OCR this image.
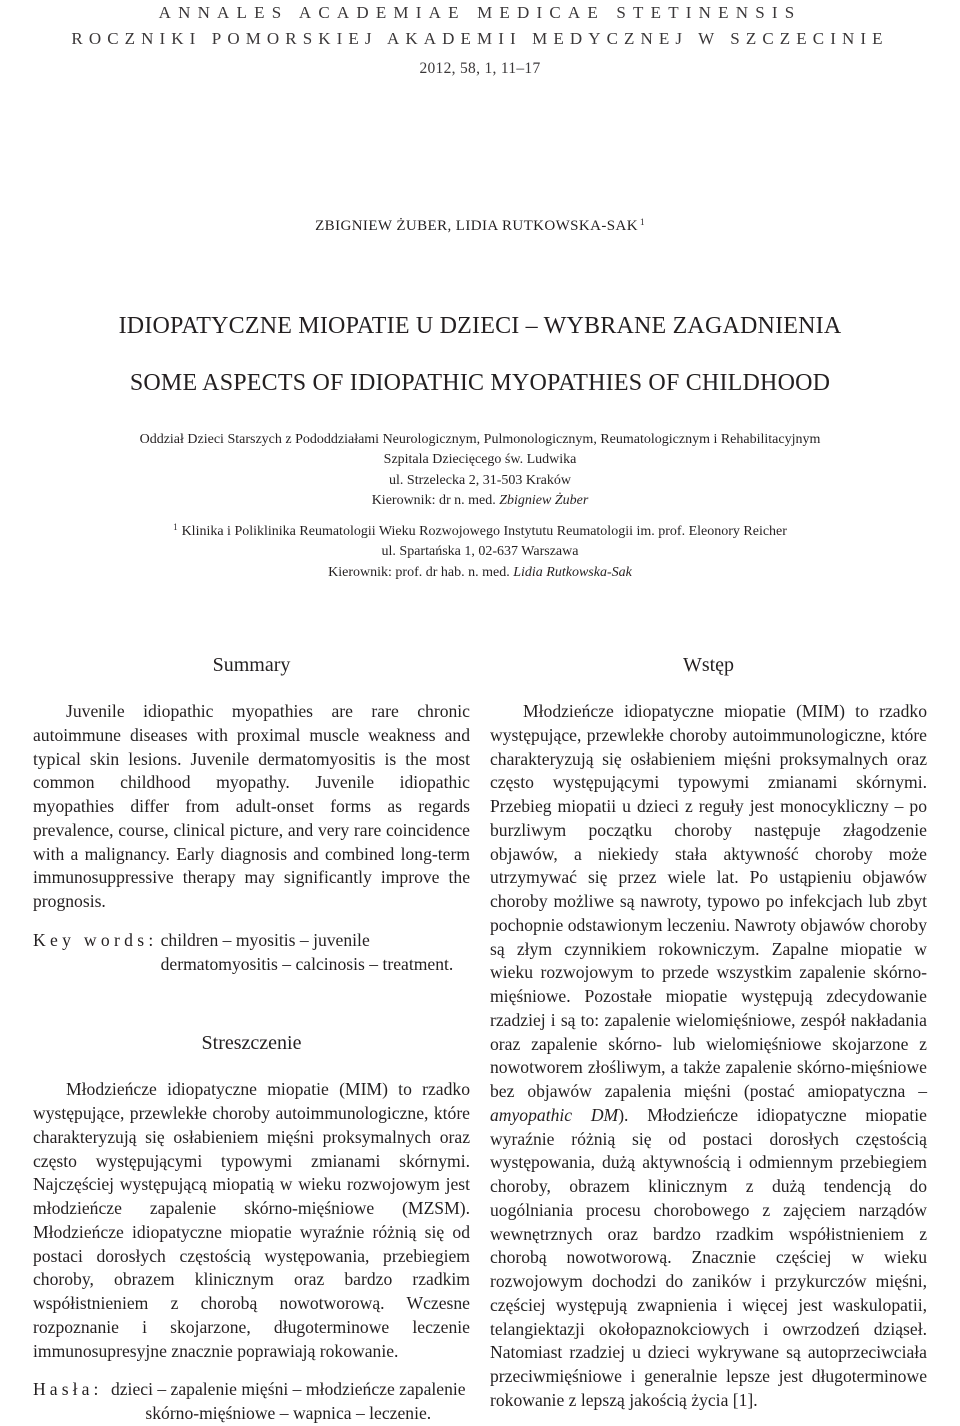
ANNALES ACADEMIAE MEDICAE STETINENSIS
ROCZNIKI POMORSKIEJ AKADEMII MEDYCZNEJ W SZCZECINIE
2012, 58, 1, 11–17
ZBIGNIEW ŻUBER, LIDIA RUTKOWSKA-SAK $^1$
IDIOPATYCZNE MIOPATIE U DZIECI – WYBRANE ZAGADNIENIA
SOME ASPECTS OF IDIOPATHIC MYOPATHIES OF CHILDHOOD
Oddział Dzieci Starszych z Pododdziałami Neurologicznym, Pulmonologicznym, Reumatologicznym i Rehabilitacyjnym
Szpitala Dziecięcego św. Ludwika
ul. Strzelecka 2, 31-503 Kraków
Kierownik: dr n. med. Zbigniew Żuber
$^1$ Klinika i Poliklinika Reumatologii Wieku Rozwojowego Instytutu Reumatologii im. prof. Eleonory Reicher
ul. Spartańska 1, 02-637 Warszawa
Kierownik: prof. dr hab. n. med. Lidia Rutkowska-Sak
Summary

Juvenile idiopathic myopathies are rare chronic autoimmune diseases with proximal muscle weakness and typical skin lesions. Juvenile dermatomyositis is the most common childhood myopathy. Juvenile idiopathic myopathies differ from adult-onset forms as regards prevalence, course, clinical picture, and very rare coincidence with a malignancy. Early diagnosis and combined long-term immunosuppressive therapy may significantly improve the prognosis.

Key words: children – myositis – juvenile dermatomyositis – calcinosis – treatment.
Streszczenie

Młodzieńcze idiopatyczne miopatie (MIM) to rzadko występujące, przewlekłe choroby autoimmunologiczne, które charakteryzują się osłabieniem mięśni proksymalnych oraz często występującymi typowymi zmianami skórnymi. Najczęściej występującą miopatią w wieku rozwojowym jest młodzieńcze zapalenie skórno-mięśniowe (MZSM). Młodzieńcze idiopatyczne miopatie wyraźnie różnią się od postaci dorosłych częstością występowania, przebiegiem choroby, obrazem klinicznym oraz bardzo rzadkim współistnieniem z chorobą nowotworową. Wczesne rozpoznanie i skojarzone, długoterminowe leczenie immunosupresyjne znacznie poprawiają rokowanie.

Hasła: dzieci – zapalenie mięśni – młodzieńcze zapalenie skórno-mięśniowe – wapnica – leczenie.
Wstęp

Młodzieńcze idiopatyczne miopatie (MIM) to rzadko występujące, przewlekłe choroby autoimmunologiczne, które charakteryzują się osłabieniem mięśni proksymalnych oraz często występującymi typowymi zmianami skórnymi. Przebieg miopatii u dzieci z reguły jest monocykliczny – po burzliwym początku choroby następuje złagodzenie objawów, a niekiedy stała aktywność choroby może utrzymywać się przez wiele lat. Po ustąpieniu objawów choroby możliwe są nawroty, typowo po infekcjach lub zbyt pochopnie odstawionym leczeniu. Nawroty objawów choroby są złym czynnikiem rokowniczym. Zapalne miopatie w wieku rozwojowym to przede wszystkim zapalenie skórno-mięśniowe. Pozostałe miopatie występują zdecydowanie rzadziej i są to: zapalenie wielomięśniowe, zespół nakładania oraz zapalenie skórno- lub wielomięśniowe skojarzone z nowotworem złośliwym, a także zapalenie skórno-mięśniowe bez objawów zapalenia mięśni (postać amiopatyczna – amyopathic DM). Młodzieńcze idiopatyczne miopatie wyraźnie różnią się od postaci dorosłych częstością występowania, dużą aktywnością i odmiennym przebiegiem choroby, obrazem klinicznym z dużą tendencją do uogólniania procesu chorobowego z zajęciem narządów wewnętrznych oraz bardzo rzadkim współistnieniem z chorobą nowotworową. Znacznie częściej w wieku rozwojowym dochodzi do zaników i przykurczów mięśni, częściej występują zwapnienia i więcej jest waskulopatii, telangiektazji okołopaznokciowych i owrzodzeń dziąseł. Natomiast rzadziej u dzieci wykrywane są autoprzeciwciała przeciwmięśniowe i generalnie lepsze jest długoterminowe rokowanie z lepszą jakością życia [1].
